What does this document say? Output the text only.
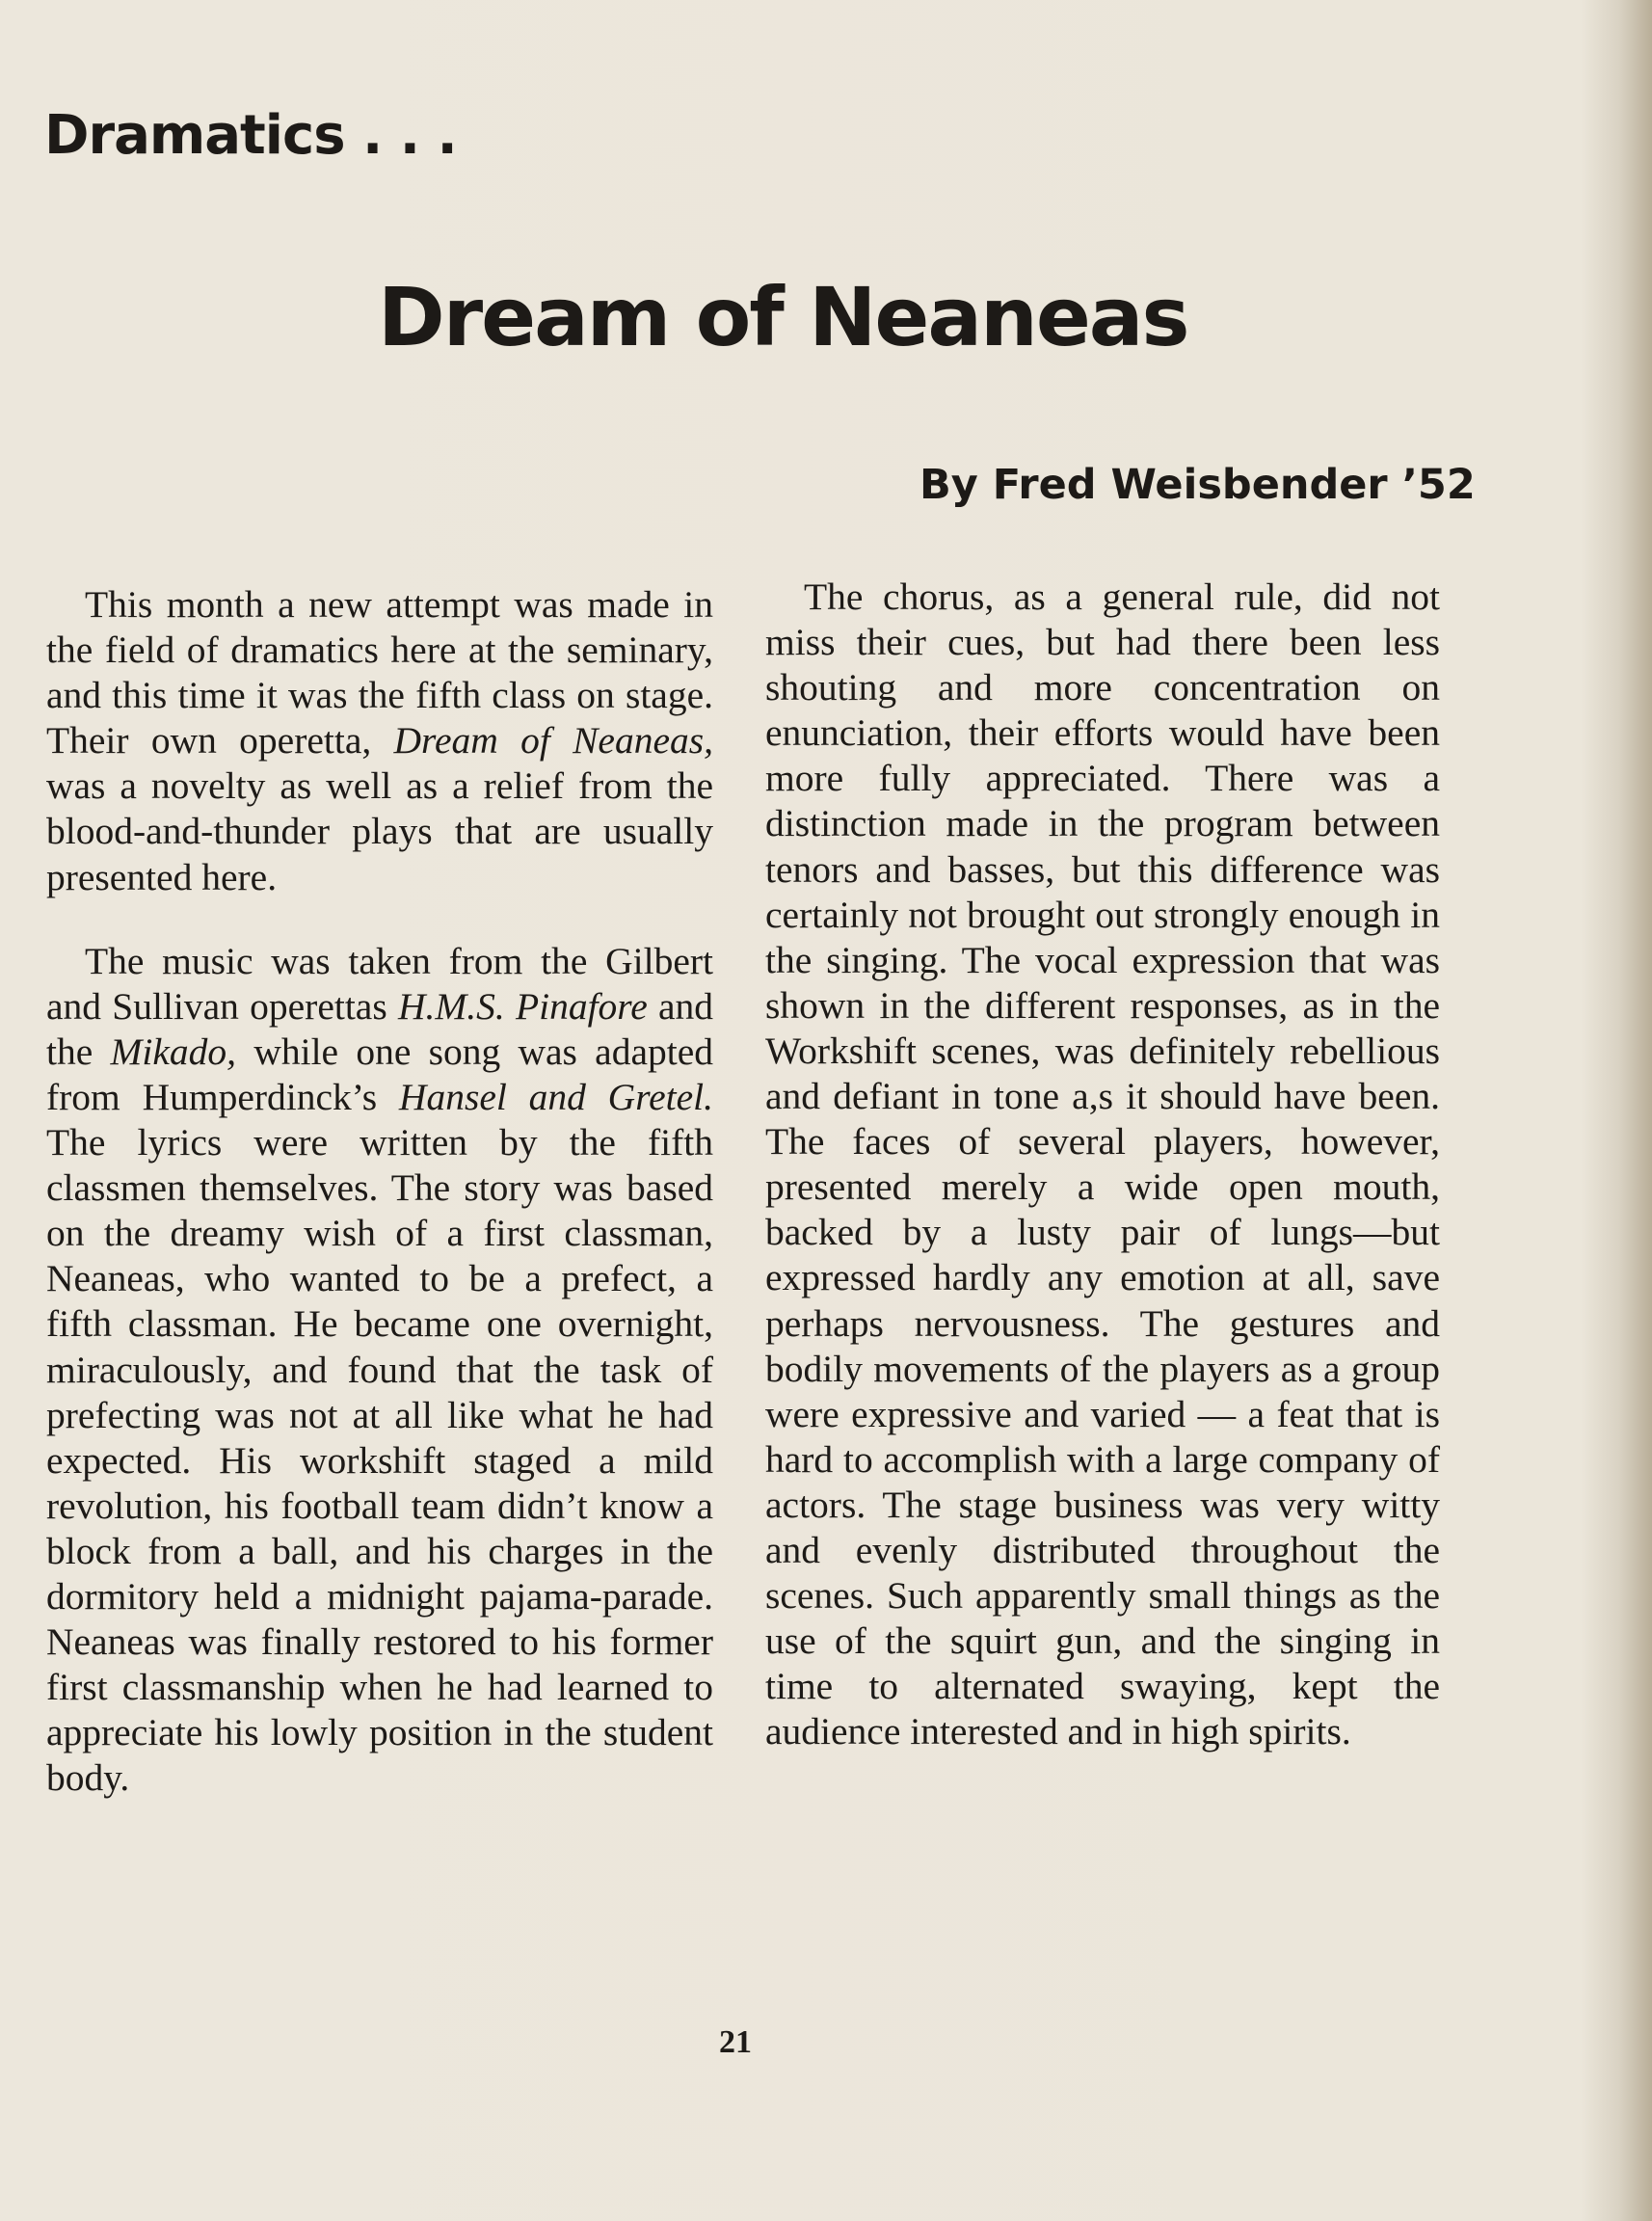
Dramatics . . .
Dream of Neaneas

By Fred Weisbender ’52

This month a new attempt was made in the field of dramatics here at the seminary, and this time it was the fifth class on stage. Their own operetta, Dream of Neaneas, was a novelty as well as a relief from the blood-and-thunder plays that are usually presented here.

The music was taken from the Gilbert and Sullivan operettas H.M.S. Pinafore and the Mikado, while one song was adapted from Humperdinck’s Hansel and Gretel. The lyrics were written by the fifth classmen themselves. The story was based on the dreamy wish of a first classman, Neaneas, who wanted to be a prefect, a fifth classman. He became one overnight, miraculously, and found that the task of prefecting was not at all like what he had expected. His workshift staged a mild revolution, his football team didn’t know a block from a ball, and his charges in the dormitory held a midnight pajama-parade. Neaneas was finally restored to his former first classmanship when he had learned to appreciate his lowly position in the student body.

The chorus, as a general rule, did not miss their cues, but had there been less shouting and more concentration on enunciation, their efforts would have been more fully appreciated. There was a distinction made in the program between tenors and basses, but this difference was certainly not brought out strongly enough in the singing. The vocal expression that was shown in the different responses, as in the Workshift scenes, was definitely rebellious and defiant in tone a,s it should have been. The faces of several players, however, presented merely a wide open mouth, backed by a lusty pair of lungs—but expressed hardly any emotion at all, save perhaps nervousness. The gestures and bodily movements of the players as a group were expressive and varied — a feat that is hard to accomplish with a large company of actors. The stage business was very witty and evenly distributed throughout the scenes. Such apparently small things as the use of the squirt gun, and the singing in time to alternated swaying, kept the audience interested and in high spirits.

21
